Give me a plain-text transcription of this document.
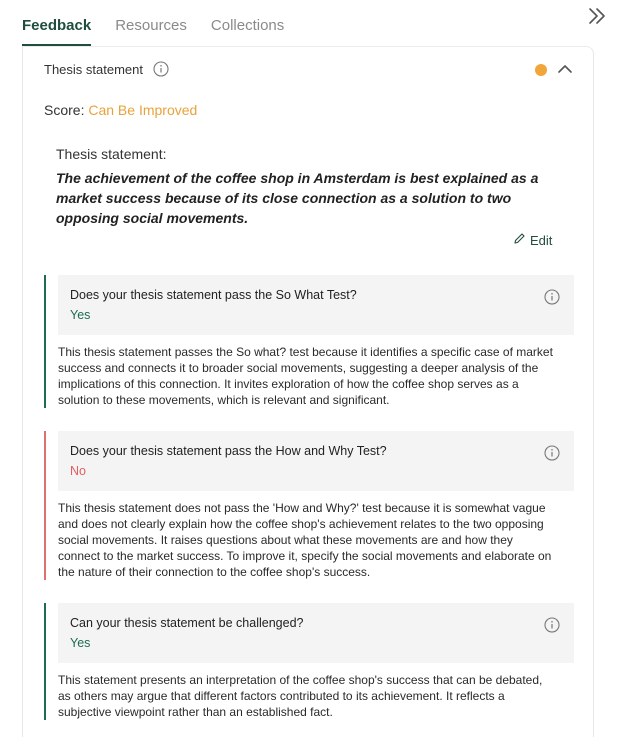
Feedback Resources Collections
Thesis statement
Score: Can Be Improved
Thesis statement:
The achievement of the coffee shop in Amsterdam is best explained as a market success because of its close connection as a solution to two opposing social movements.
Edit
Does your thesis statement pass the So What Test?
Yes
This thesis statement passes the So what? test because it identifies a specific case of market success and connects it to broader social movements, suggesting a deeper analysis of the implications of this connection. It invites exploration of how the coffee shop serves as a solution to these movements, which is relevant and significant.
Does your thesis statement pass the How and Why Test?
No
This thesis statement does not pass the 'How and Why?' test because it is somewhat vague and does not clearly explain how the coffee shop's achievement relates to the two opposing social movements. It raises questions about what these movements are and how they connect to the market success. To improve it, specify the social movements and elaborate on the nature of their connection to the coffee shop's success.
Can your thesis statement be challenged?
Yes
This statement presents an interpretation of the coffee shop's success that can be debated, as others may argue that different factors contributed to its achievement. It reflects a subjective viewpoint rather than an established fact.
